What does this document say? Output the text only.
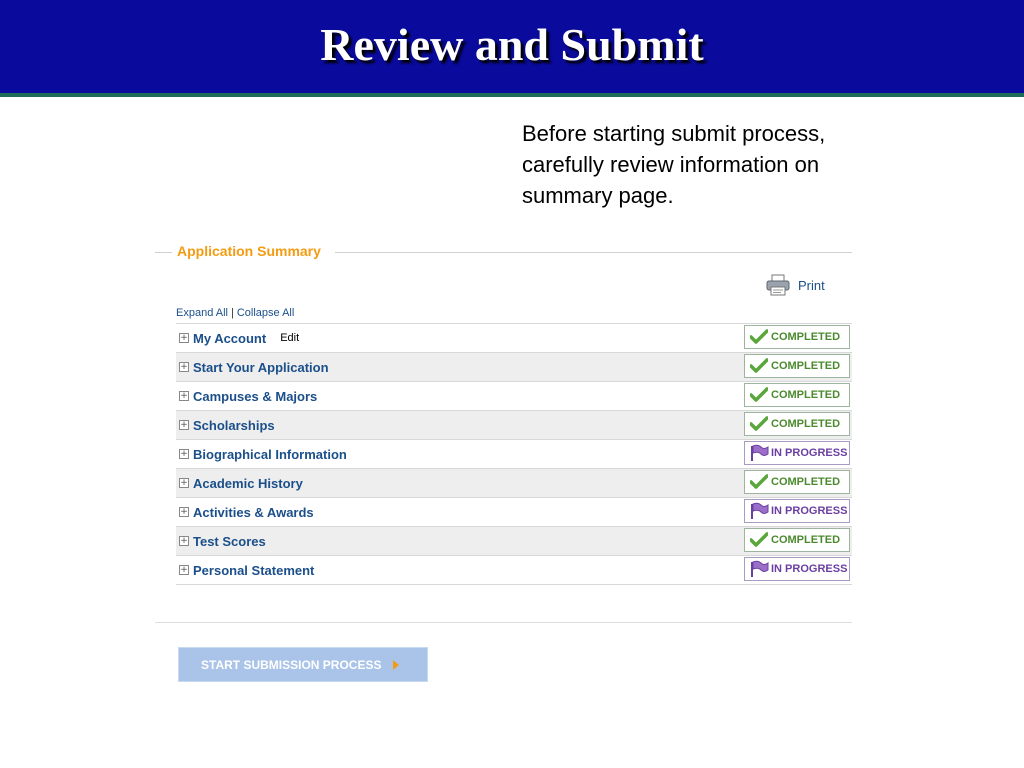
Review and Submit
Before starting submit process, carefully review information on summary page.
Application Summary
Print
Expand All | Collapse All
+ My Account Edit	COMPLETED
+ Start Your Application	COMPLETED
+ Campuses & Majors	COMPLETED
+ Scholarships	COMPLETED
+ Biographical Information	IN PROGRESS
+ Academic History	COMPLETED
+ Activities & Awards	IN PROGRESS
+ Test Scores	COMPLETED
+ Personal Statement	IN PROGRESS
START SUBMISSION PROCESS
